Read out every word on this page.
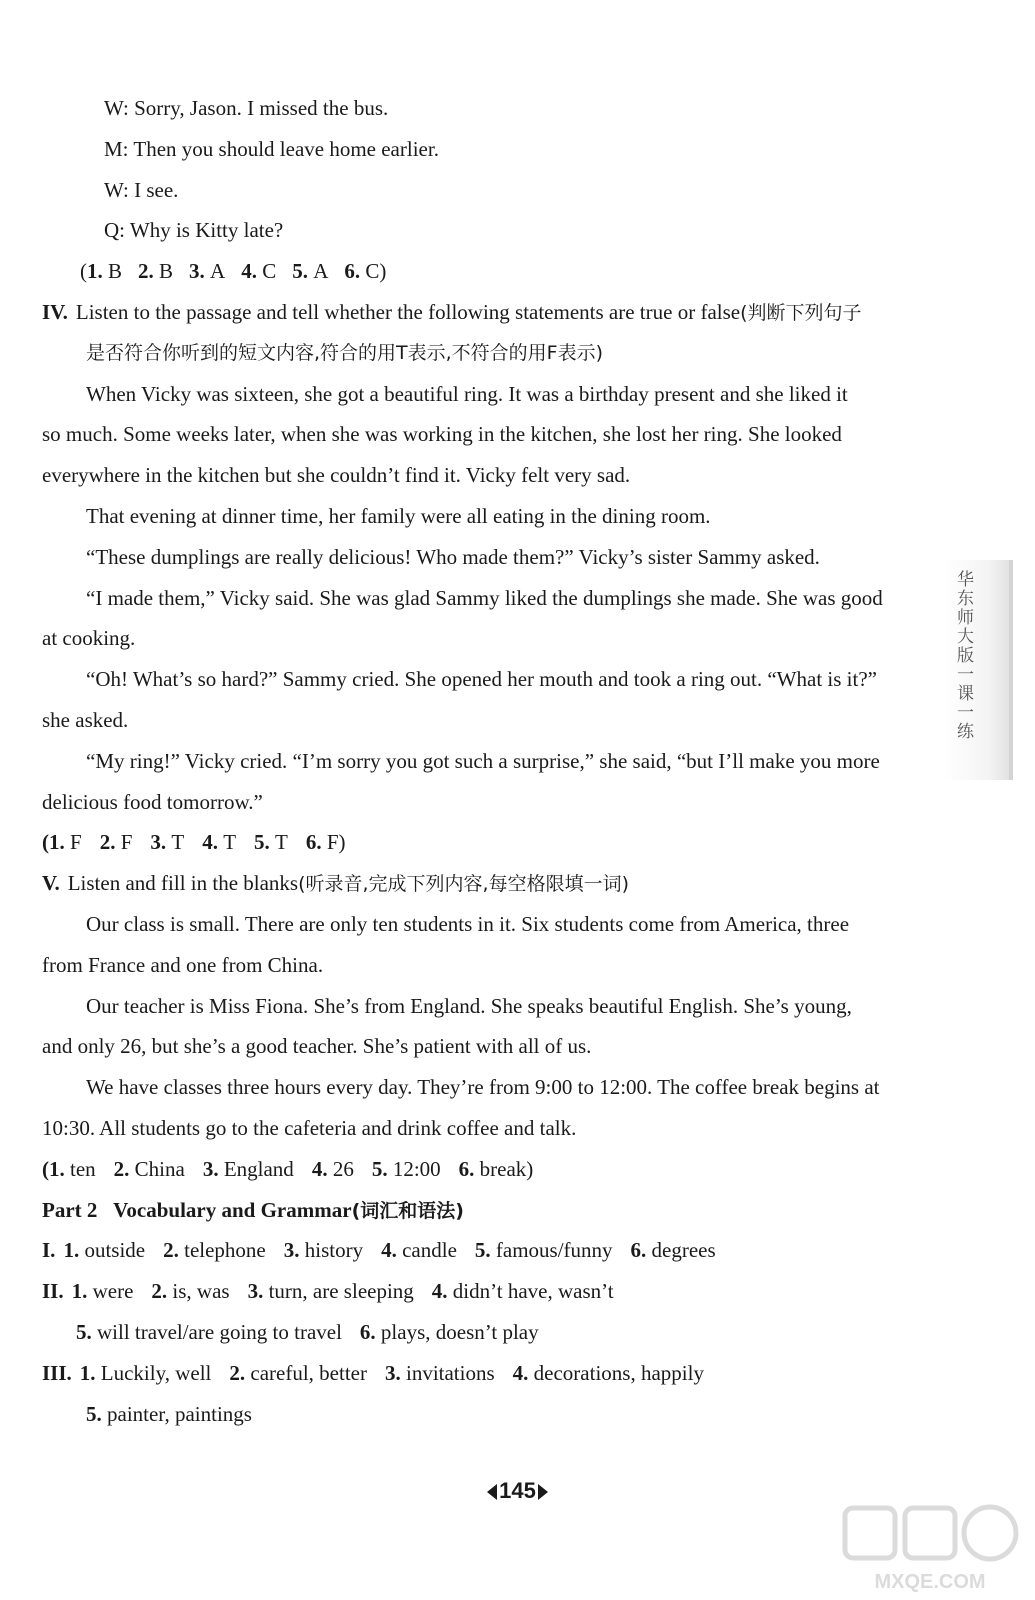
W: Sorry, Jason. I missed the bus.
M: Then you should leave home earlier.
W: I see.
Q: Why is Kitty late?
(1. B 2. B 3. A 4. C 5. A 6. C)
IV. Listen to the passage and tell whether the following statements are true or false(判断下列句子
是否符合你听到的短文内容,符合的用T表示,不符合的用F表示)
When Vicky was sixteen, she got a beautiful ring. It was a birthday present and she liked it
so much. Some weeks later, when she was working in the kitchen, she lost her ring. She looked
everywhere in the kitchen but she couldn’t find it. Vicky felt very sad.
That evening at dinner time, her family were all eating in the dining room.
“These dumplings are really delicious! Who made them?” Vicky’s sister Sammy asked.
“I made them,” Vicky said. She was glad Sammy liked the dumplings she made. She was good
at cooking.
“Oh! What’s so hard?” Sammy cried. She opened her mouth and took a ring out. “What is it?”
she asked.
“My ring!” Vicky cried. “I’m sorry you got such a surprise,” she said, “but I’ll make you more
delicious food tomorrow.”
(1. F 2. F 3. T 4. T 5. T 6. F)
V. Listen and fill in the blanks(听录音,完成下列内容,每空格限填一词)
Our class is small. There are only ten students in it. Six students come from America, three
from France and one from China.
Our teacher is Miss Fiona. She’s from England. She speaks beautiful English. She’s young,
and only 26, but she’s a good teacher. She’s patient with all of us.
We have classes three hours every day. They’re from 9:00 to 12:00. The coffee break begins at
10:30. All students go to the cafeteria and drink coffee and talk.
(1. ten 2. China 3. England 4. 26 5. 12:00 6. break)
Part 2 Vocabulary and Grammar(词汇和语法)
I. 1. outside 2. telephone 3. history 4. candle 5. famous/funny 6. degrees
II. 1. were 2. is, was 3. turn, are sleeping 4. didn’t have, wasn’t
5. will travel/are going to travel 6. plays, doesn’t play
III. 1. Luckily, well 2. careful, better 3. invitations 4. decorations, happily
5. painter, paintings
华东师大版一课一练
145
MXQE.COM
